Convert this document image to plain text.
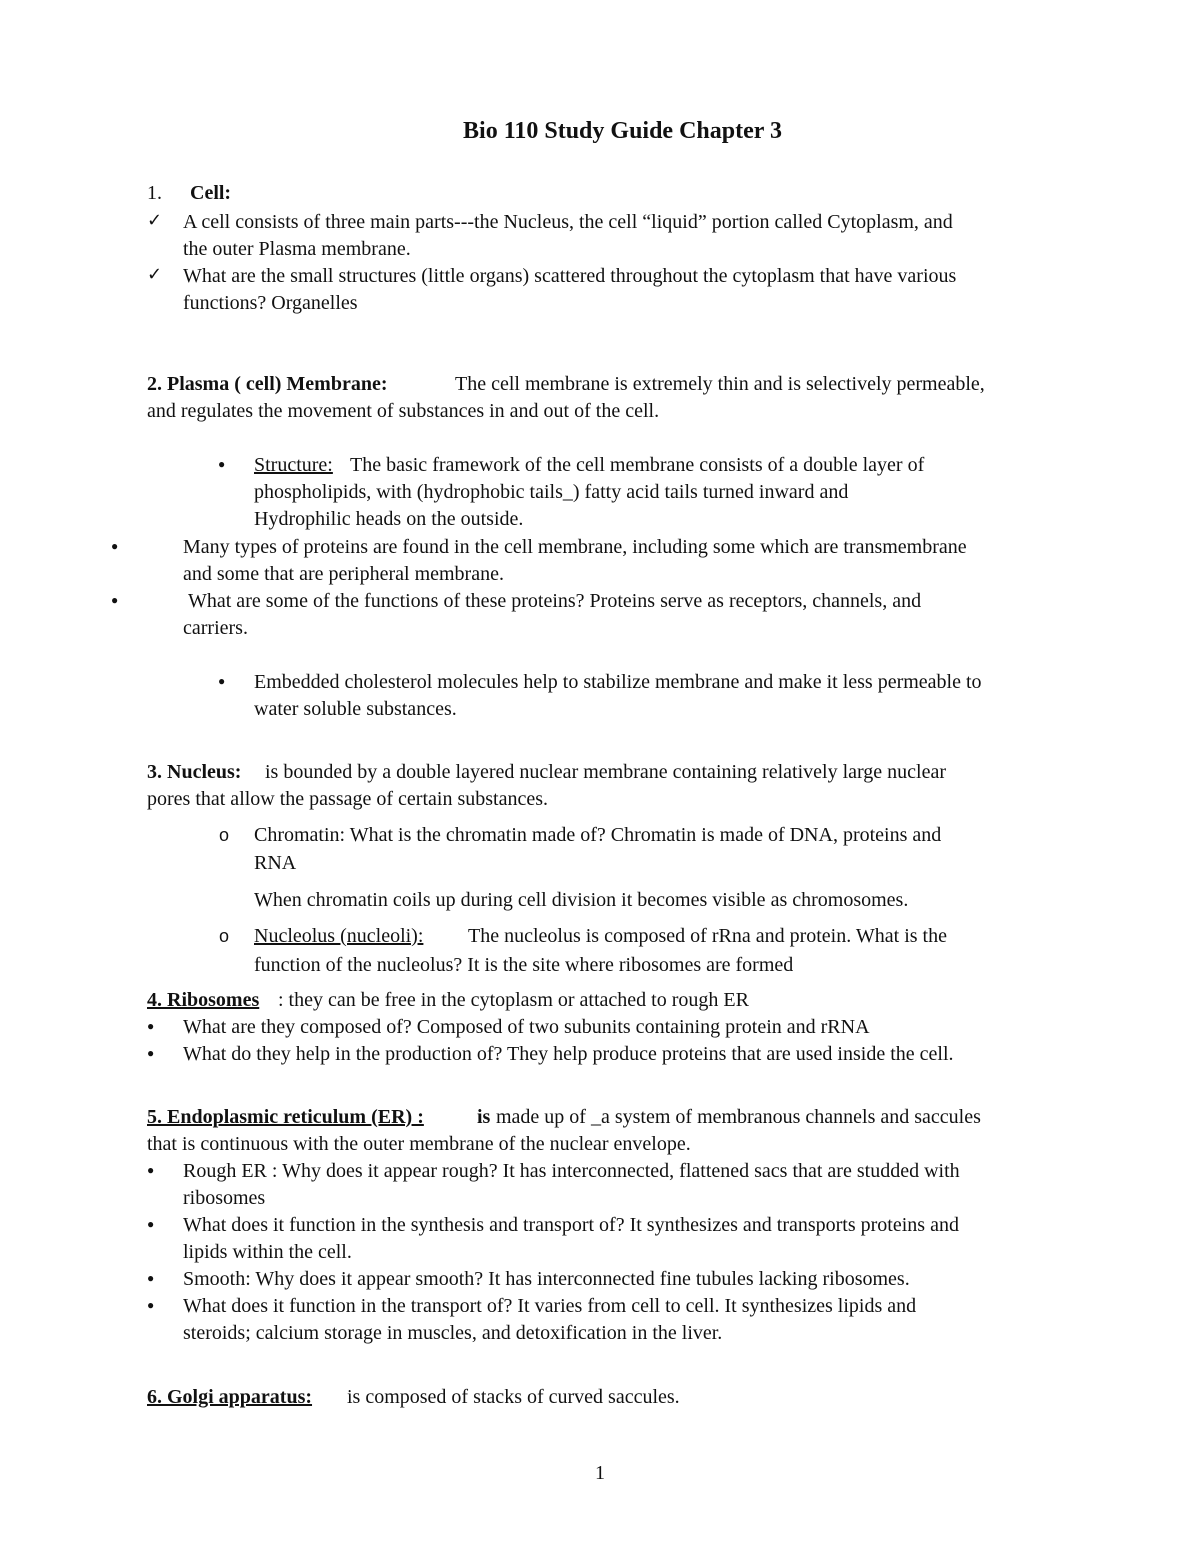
Bio 110 Study Guide Chapter 3
1. Cell:
✓ A cell consists of three main parts---the Nucleus, the cell “liquid” portion called Cytoplasm, and
the outer Plasma membrane.
✓ What are the small structures (little organs) scattered throughout the cytoplasm that have various
functions? Organelles
2. Plasma ( cell) Membrane:	The cell membrane is extremely thin and is selectively permeable,
and regulates the movement of substances in and out of the cell.
● Structure: The basic framework of the cell membrane consists of a double layer of
phospholipids, with (hydrophobic tails_) fatty acid tails turned inward and
Hydrophilic heads on the outside.
●	Many types of proteins are found in the cell membrane, including some which are transmembrane
and some that are peripheral membrane.
●	What are some of the functions of these proteins? Proteins serve as receptors, channels, and
carriers.
● Embedded cholesterol molecules help to stabilize membrane and make it less permeable to
water soluble substances.
3. Nucleus: is bounded by a double layered nuclear membrane containing relatively large nuclear
pores that allow the passage of certain substances.
o Chromatin: What is the chromatin made of? Chromatin is made of DNA, proteins and
RNA
When chromatin coils up during cell division it becomes visible as chromosomes.
o Nucleolus (nucleoli): The nucleolus is composed of rRna and protein. What is the
function of the nucleolus? It is the site where ribosomes are formed
4. Ribosomes : they can be free in the cytoplasm or attached to rough ER
● What are they composed of? Composed of two subunits containing protein and rRNA
● What do they help in the production of? They help produce proteins that are used inside the cell.
5. Endoplasmic reticulum (ER) :	is made up of _a system of membranous channels and saccules
that is continuous with the outer membrane of the nuclear envelope.
● Rough ER : Why does it appear rough? It has interconnected, flattened sacs that are studded with
ribosomes
● What does it function in the synthesis and transport of? It synthesizes and transports proteins and
lipids within the cell.
● Smooth: Why does it appear smooth? It has interconnected fine tubules lacking ribosomes.
● What does it function in the transport of? It varies from cell to cell. It synthesizes lipids and
steroids; calcium storage in muscles, and detoxification in the liver.
6. Golgi apparatus: is composed of stacks of curved saccules.
1
